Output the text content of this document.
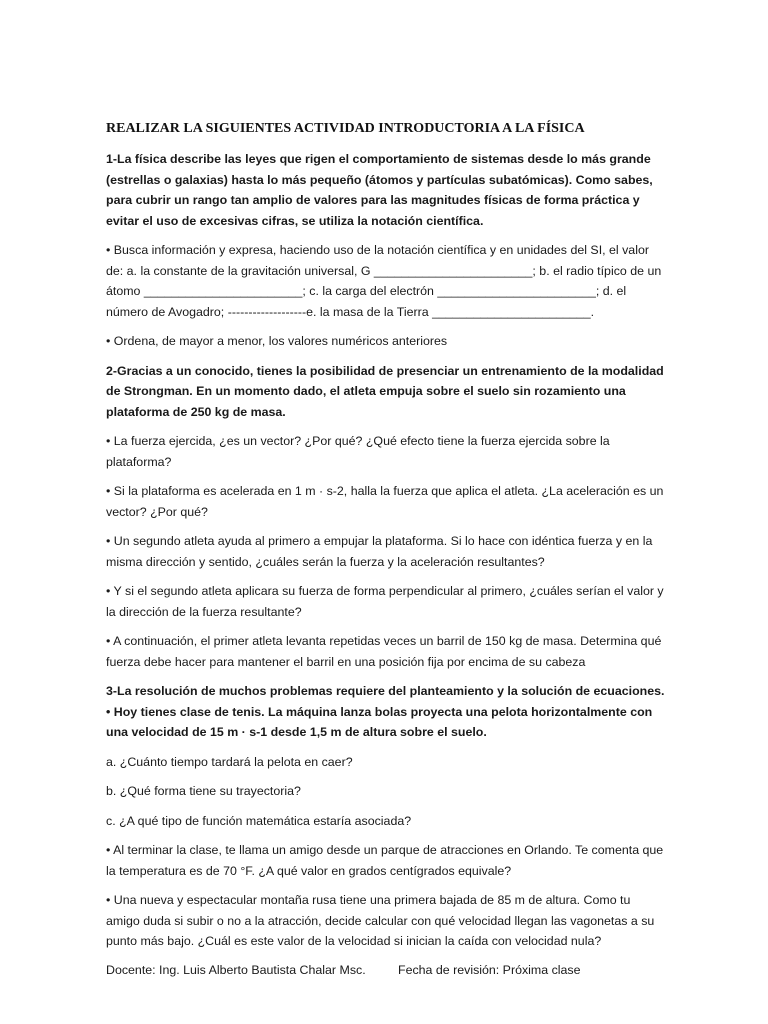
REALIZAR LA SIGUIENTES ACTIVIDAD INTRODUCTORIA A LA FÍSICA

1-La física describe las leyes que rigen el comportamiento de sistemas desde lo más grande (estrellas o galaxias) hasta lo más pequeño (átomos y partículas subatómicas). Como sabes, para cubrir un rango tan amplio de valores para las magnitudes físicas de forma práctica y evitar el uso de excesivas cifras, se utiliza la notación científica.

• Busca información y expresa, haciendo uso de la notación científica y en unidades del SI, el valor de: a. la constante de la gravitación universal, G _______________________; b. el radio típico de un átomo _______________________; c. la carga del electrón _______________________; d. el número de Avogadro; -------------------e. la masa de la Tierra _______________________.

• Ordena, de mayor a menor, los valores numéricos anteriores

2-Gracias a un conocido, tienes la posibilidad de presenciar un entrenamiento de la modalidad de Strongman. En un momento dado, el atleta empuja sobre el suelo sin rozamiento una plataforma de 250 kg de masa.

• La fuerza ejercida, ¿es un vector? ¿Por qué? ¿Qué efecto tiene la fuerza ejercida sobre la plataforma?

• Si la plataforma es acelerada en 1 m · s-2, halla la fuerza que aplica el atleta. ¿La aceleración es un vector? ¿Por qué?

• Un segundo atleta ayuda al primero a empujar la plataforma. Si lo hace con idéntica fuerza y en la misma dirección y sentido, ¿cuáles serán la fuerza y la aceleración resultantes?

• Y si el segundo atleta aplicara su fuerza de forma perpendicular al primero, ¿cuáles serían el valor y la dirección de la fuerza resultante?

• A continuación, el primer atleta levanta repetidas veces un barril de 150 kg de masa. Determina qué fuerza debe hacer para mantener el barril en una posición fija por encima de su cabeza

3-La resolución de muchos problemas requiere del planteamiento y la solución de ecuaciones. • Hoy tienes clase de tenis. La máquina lanza bolas proyecta una pelota horizontalmente con una velocidad de 15 m · s-1 desde 1,5 m de altura sobre el suelo.

a. ¿Cuánto tiempo tardará la pelota en caer?

b. ¿Qué forma tiene su trayectoria?

c. ¿A qué tipo de función matemática estaría asociada?

• Al terminar la clase, te llama un amigo desde un parque de atracciones en Orlando. Te comenta que la temperatura es de 70 °F. ¿A qué valor en grados centígrados equivale?

• Una nueva y espectacular montaña rusa tiene una primera bajada de 85 m de altura. Como tu amigo duda si subir o no a la atracción, decide calcular con qué velocidad llegan las vagonetas a su punto más bajo. ¿Cuál es este valor de la velocidad si inician la caída con velocidad nula?

Docente: Ing. Luis Alberto Bautista Chalar Msc.	Fecha de revisión: Próxima clase
